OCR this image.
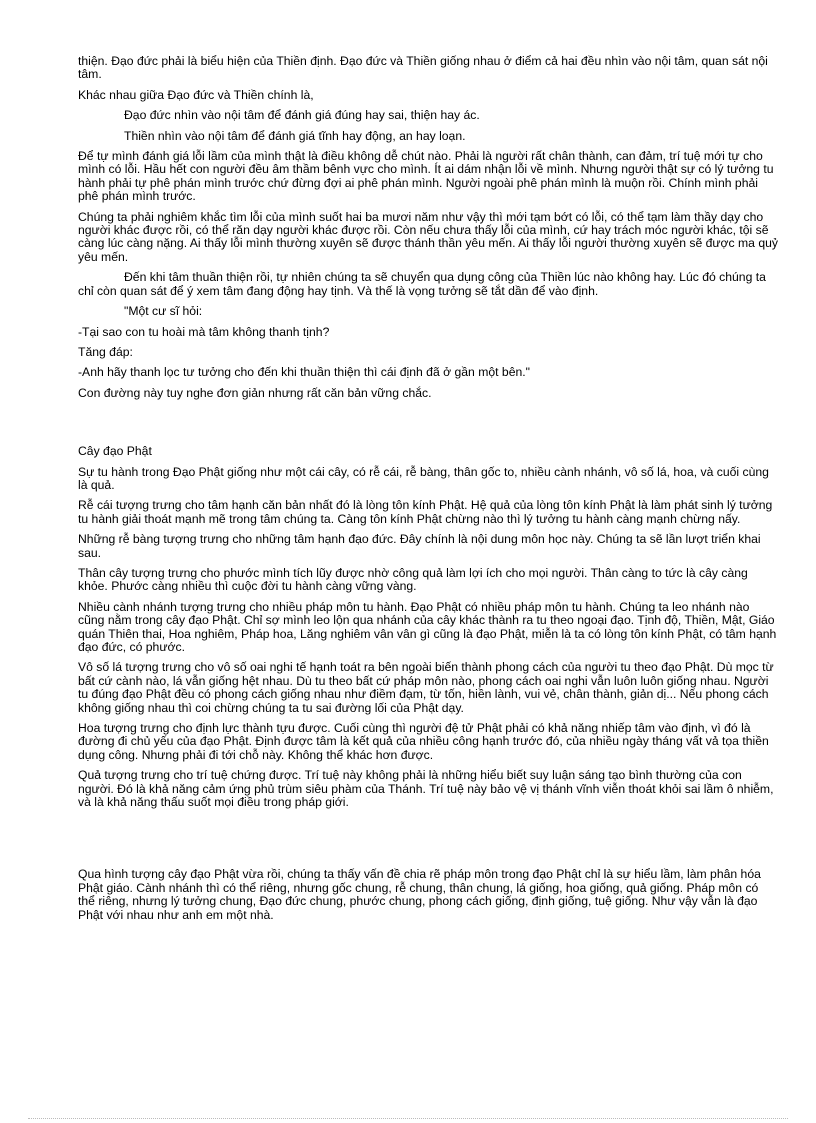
thiện. Đạo đức phải là biểu hiện của Thiền định. Đạo đức và Thiền giống nhau ở điểm cả hai đều nhìn vào nội tâm, quan sát nội tâm.

Khác nhau giữa Đạo đức và Thiền chính là,

Đạo đức nhìn vào nội tâm để đánh giá đúng hay sai, thiện hay ác.

Thiền nhìn vào nội tâm để đánh giá tĩnh hay động, an hay loạn.

Để tự mình đánh giá lỗi lầm của mình thật là điều không dễ chút nào. Phải là người rất chân thành, can đảm, trí tuệ mới tự cho mình có lỗi. Hầu hết con người đều âm thầm bênh vực cho mình. Ít ai dám nhận lỗi về mình. Nhưng người thật sự có lý tưởng tu hành phải tự phê phán mình trước chứ đừng đợi ai phê phán mình. Người ngoài phê phán mình là muộn rồi. Chính mình phải phê phán mình trước.

Chúng ta phải nghiêm khắc tìm lỗi của mình suốt hai ba mươi năm như vậy thì mới tạm bớt có lỗi, có thể tạm làm thầy dạy cho người khác được rồi, có thể răn dạy người khác được rồi. Còn nếu chưa thấy lỗi của mình, cứ hay trách móc người khác, tội sẽ càng lúc càng nặng. Ai thấy lỗi mình thường xuyên sẽ được thánh thần yêu mến. Ai thấy lỗi người thường xuyên sẽ được ma quỷ yêu mến.

Đến khi tâm thuần thiện rồi, tự nhiên chúng ta sẽ chuyển qua dụng công của Thiền lúc nào không hay. Lúc đó chúng ta chỉ còn quan sát để ý xem tâm đang động hay tịnh. Và thế là vọng tưởng sẽ tắt dần để vào định.

"Một cư sĩ hỏi:

-Tại sao con tu hoài mà tâm không thanh tịnh?

Tăng đáp:

-Anh hãy thanh lọc tư tưởng cho đến khi thuần thiện thì cái định đã ở gần một bên."

Con đường này tuy nghe đơn giản nhưng rất căn bản vững chắc.

Cây đạo Phật

Sự tu hành trong Đạo Phật giống như một cái cây, có rễ cái, rễ bàng, thân gốc to, nhiều cành nhánh, vô số lá, hoa, và cuối cùng là quả.

Rễ cái tượng trưng cho tâm hạnh căn bản nhất đó là lòng tôn kính Phật. Hệ quả của lòng tôn kính Phật là làm phát sinh lý tưởng tu hành giải thoát mạnh mẽ trong tâm chúng ta. Càng tôn kính Phật chừng nào thì lý tưởng tu hành càng mạnh chừng nấy.

Những rễ bàng tượng trưng cho những tâm hạnh đạo đức. Đây chính là nội dung môn học này. Chúng ta sẽ lần lượt triển khai sau.

Thân cây tượng trưng cho phước mình tích lũy được nhờ công quả làm lợi ích cho mọi người. Thân càng to tức là cây càng khỏe. Phước càng nhiều thì cuộc đời tu hành càng vững vàng.

Nhiều cành nhánh tượng trưng cho nhiều pháp môn tu hành. Đạo Phật có nhiều pháp môn tu hành. Chúng ta leo nhánh nào cũng nằm trong cây đạo Phật. Chỉ sợ mình leo lộn qua nhánh của cây khác thành ra tu theo ngoại đạo. Tịnh độ, Thiền, Mật, Giáo quán Thiên thai, Hoa nghiêm, Pháp hoa, Lăng nghiêm vân vân gì cũng là đạo Phật, miễn là ta có lòng tôn kính Phật, có tâm hạnh đạo đức, có phước.

Vô số lá tượng trưng cho vô số oai nghi tế hạnh toát ra bên ngoài biến thành phong cách của người tu theo đạo Phật. Dù mọc từ bất cứ cành nào, lá vẫn giống hệt nhau. Dù tu theo bất cứ pháp môn nào, phong cách oai nghi vẫn luôn luôn giống nhau. Người tu đúng đạo Phật đều có phong cách giống nhau như điềm đạm, từ tốn, hiền lành, vui vẻ, chân thành, giản dị... Nếu phong cách không giống nhau thì coi chừng chúng ta tu sai đường lối của Phật dạy.

Hoa tượng trưng cho định lực thành tựu được. Cuối cùng thì người đệ tử Phật phải có khả năng nhiếp tâm vào định, vì đó là đường đi chủ yếu của đạo Phật. Định được tâm là kết quả của nhiều công hạnh trước đó, của nhiều ngày tháng vất vả tọa thiền dụng công. Nhưng phải đi tới chỗ này. Không thể khác hơn được.

Quả tượng trưng cho trí tuệ chứng được. Trí tuệ này không phải là những hiểu biết suy luận sáng tạo bình thường của con người. Đó là khả năng cảm ứng phủ trùm siêu phàm của Thánh. Trí tuệ này bảo vệ vị thánh vĩnh viễn thoát khỏi sai lầm ô nhiễm, và là khả năng thấu suốt mọi điều trong pháp giới.

Qua hình tượng cây đạo Phật vừa rồi, chúng ta thấy vấn đề chia rẽ pháp môn trong đạo Phật chỉ là sự hiểu lầm, làm phân hóa Phật giáo. Cành nhánh thì có thể riêng, nhưng gốc chung, rễ chung, thân chung, lá giống, hoa giống, quả giống. Pháp môn có thể riêng, nhưng lý tưởng chung, Đạo đức chung, phước chung, phong cách giống, định giống, tuệ giống. Như vậy vẫn là đạo Phật với nhau như anh em một nhà.
